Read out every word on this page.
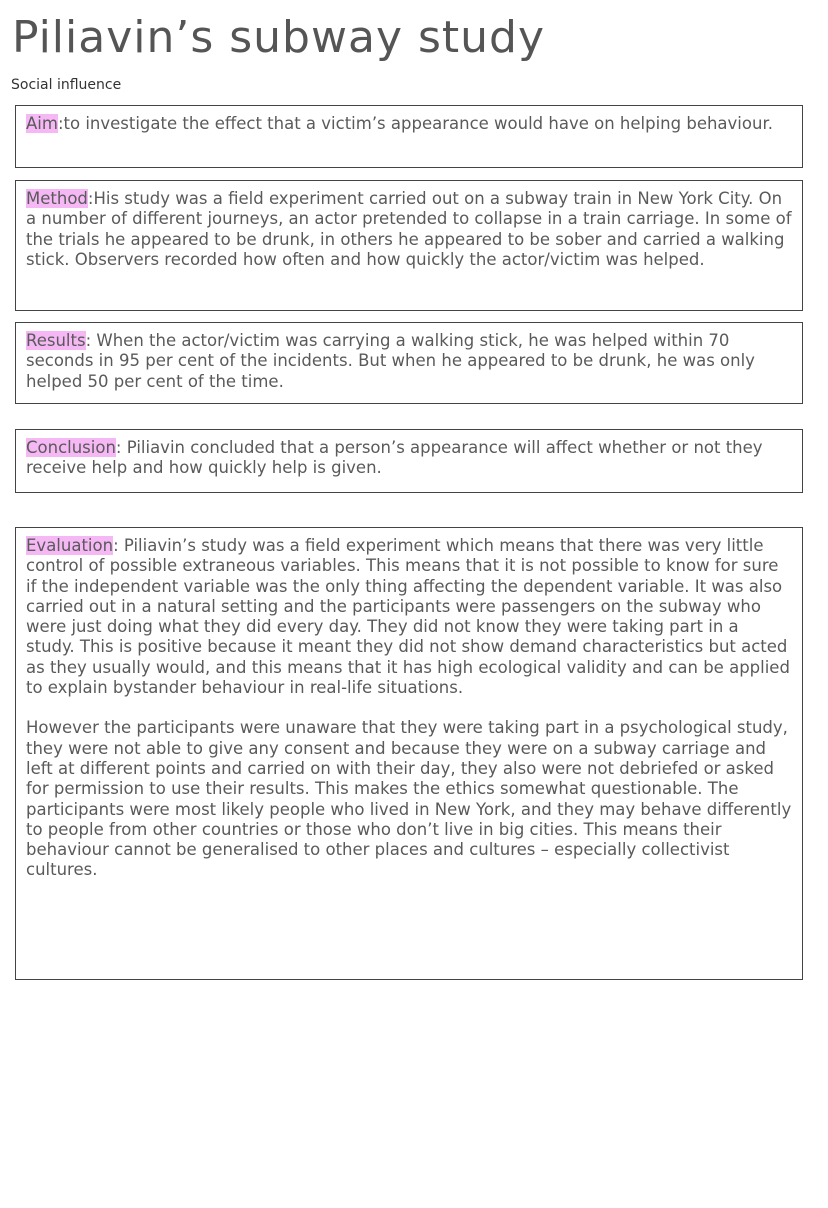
Piliavin’s subway study
Social influence

Aim:to investigate the effect that a victim’s appearance would have on helping behaviour.

Method:His study was a field experiment carried out on a subway train in New York City. On a number of different journeys, an actor pretended to collapse in a train carriage. In some of the trials he appeared to be drunk, in others he appeared to be sober and carried a walking stick. Observers recorded how often and how quickly the actor/victim was helped.

Results: When the actor/victim was carrying a walking stick, he was helped within 70 seconds in 95 per cent of the incidents. But when he appeared to be drunk, he was only helped 50 per cent of the time.

Conclusion: Piliavin concluded that a person’s appearance will affect whether or not they receive help and how quickly help is given.

Evaluation: Piliavin’s study was a field experiment which means that there was very little control of possible extraneous variables. This means that it is not possible to know for sure if the independent variable was the only thing affecting the dependent variable. It was also carried out in a natural setting and the participants were passengers on the subway who were just doing what they did every day. They did not know they were taking part in a study. This is positive because it meant they did not show demand characteristics but acted as they usually would, and this means that it has high ecological validity and can be applied to explain bystander behaviour in real-life situations.

However the participants were unaware that they were taking part in a psychological study, they were not able to give any consent and because they were on a subway carriage and left at different points and carried on with their day, they also were not debriefed or asked for permission to use their results. This makes the ethics somewhat questionable. The participants were most likely people who lived in New York, and they may behave differently to people from other countries or those who don’t live in big cities. This means their behaviour cannot be generalised to other places and cultures – especially collectivist cultures.
